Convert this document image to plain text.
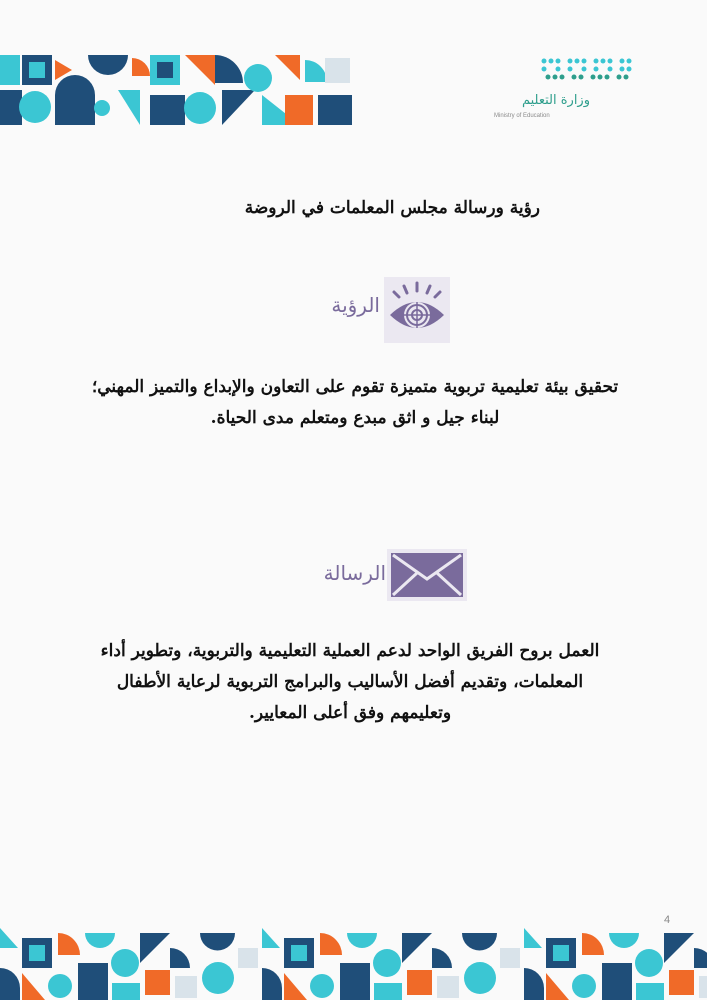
وزارة التعليم
Ministry of Education
رؤية ورسالة مجلس المعلمات في الروضة
الرؤية
تحقيق بيئة تعليمية تربوية متميزة تقوم على التعاون والإبداع والتميز المهني؛
لبناء جيل و اثق مبدع ومتعلم مدى الحياة.
الرسالة
العمل بروح الفريق الواحد لدعم العملية التعليمية والتربوية، وتطوير أداء
المعلمات، وتقديم أفضل الأساليب والبرامج التربوية لرعاية الأطفال
وتعليمهم وفق أعلى المعايير.
4
